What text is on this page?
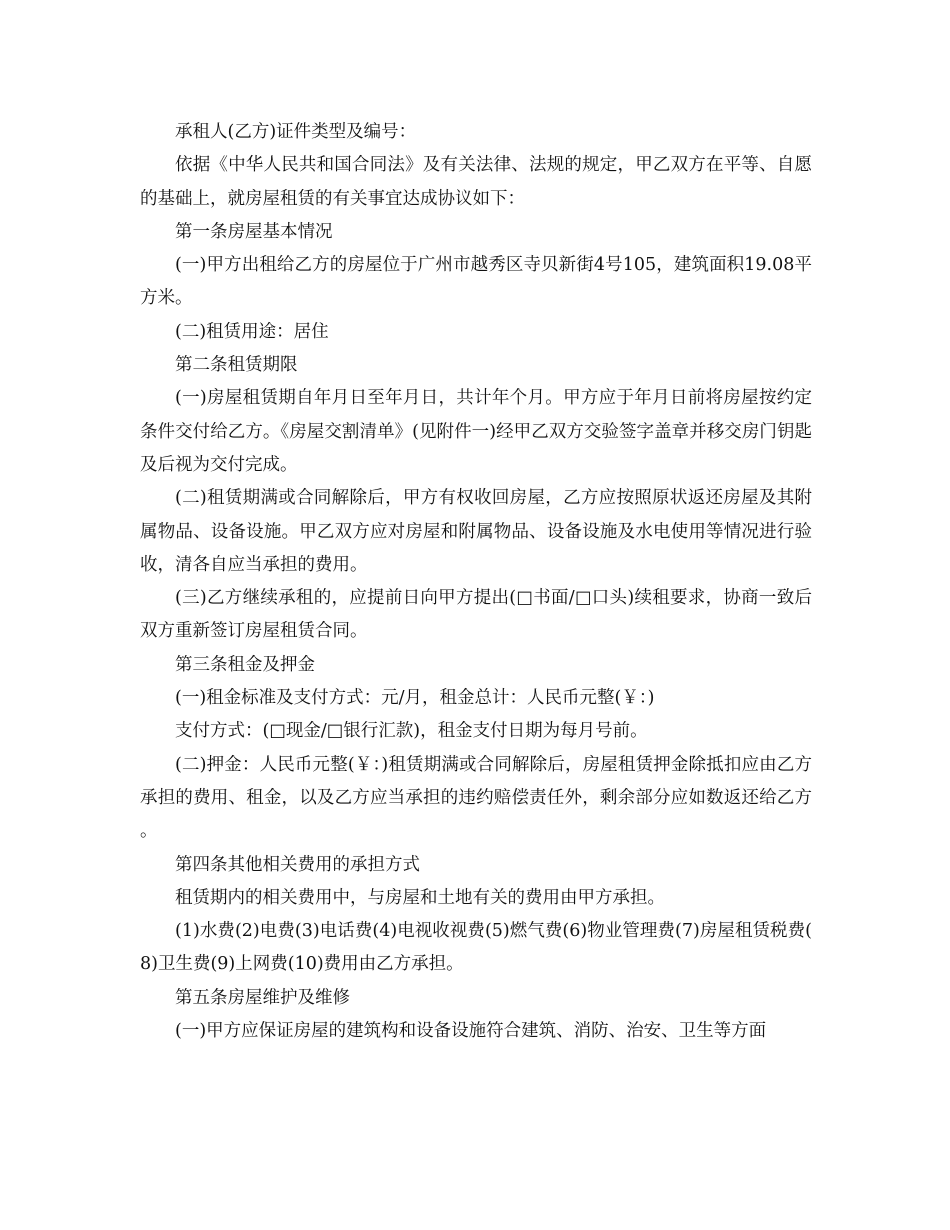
承租人(乙方)证件类型及编号：

依据《中华人民共和国合同法》及有关法律、法规的规定，甲乙双方在平等、自愿的基础上，就房屋租赁的有关事宜达成协议如下：

第一条房屋基本情况

(一)甲方出租给乙方的房屋位于广州市越秀区寺贝新街4号105，建筑面积19.08平方米。

(二)租赁用途：居住

第二条租赁期限

(一)房屋租赁期自年月日至年月日，共计年个月。甲方应于年月日前将房屋按约定条件交付给乙方。《房屋交割清单》(见附件一)经甲乙双方交验签字盖章并移交房门钥匙及后视为交付完成。

(二)租赁期满或合同解除后，甲方有权收回房屋，乙方应按照原状返还房屋及其附属物品、设备设施。甲乙双方应对房屋和附属物品、设备设施及水电使用等情况进行验收，清各自应当承担的费用。

(三)乙方继续承租的，应提前日向甲方提出(□书面/□口头)续租要求，协商一致后双方重新签订房屋租赁合同。

第三条租金及押金

(一)租金标准及支付方式：元/月，租金总计：人民币元整(￥：)

支付方式：(□现金/□银行汇款)，租金支付日期为每月号前。

(二)押金：人民币元整(￥：)租赁期满或合同解除后，房屋租赁押金除抵扣应由乙方承担的费用、租金，以及乙方应当承担的违约赔偿责任外，剩余部分应如数返还给乙方。

第四条其他相关费用的承担方式

租赁期内的相关费用中，与房屋和土地有关的费用由甲方承担。

(1)水费(2)电费(3)电话费(4)电视收视费(5)燃气费(6)物业管理费(7)房屋租赁税费(8)卫生费(9)上网费(10)费用由乙方承担。

第五条房屋维护及维修

(一)甲方应保证房屋的建筑构和设备设施符合建筑、消防、治安、卫生等方面
